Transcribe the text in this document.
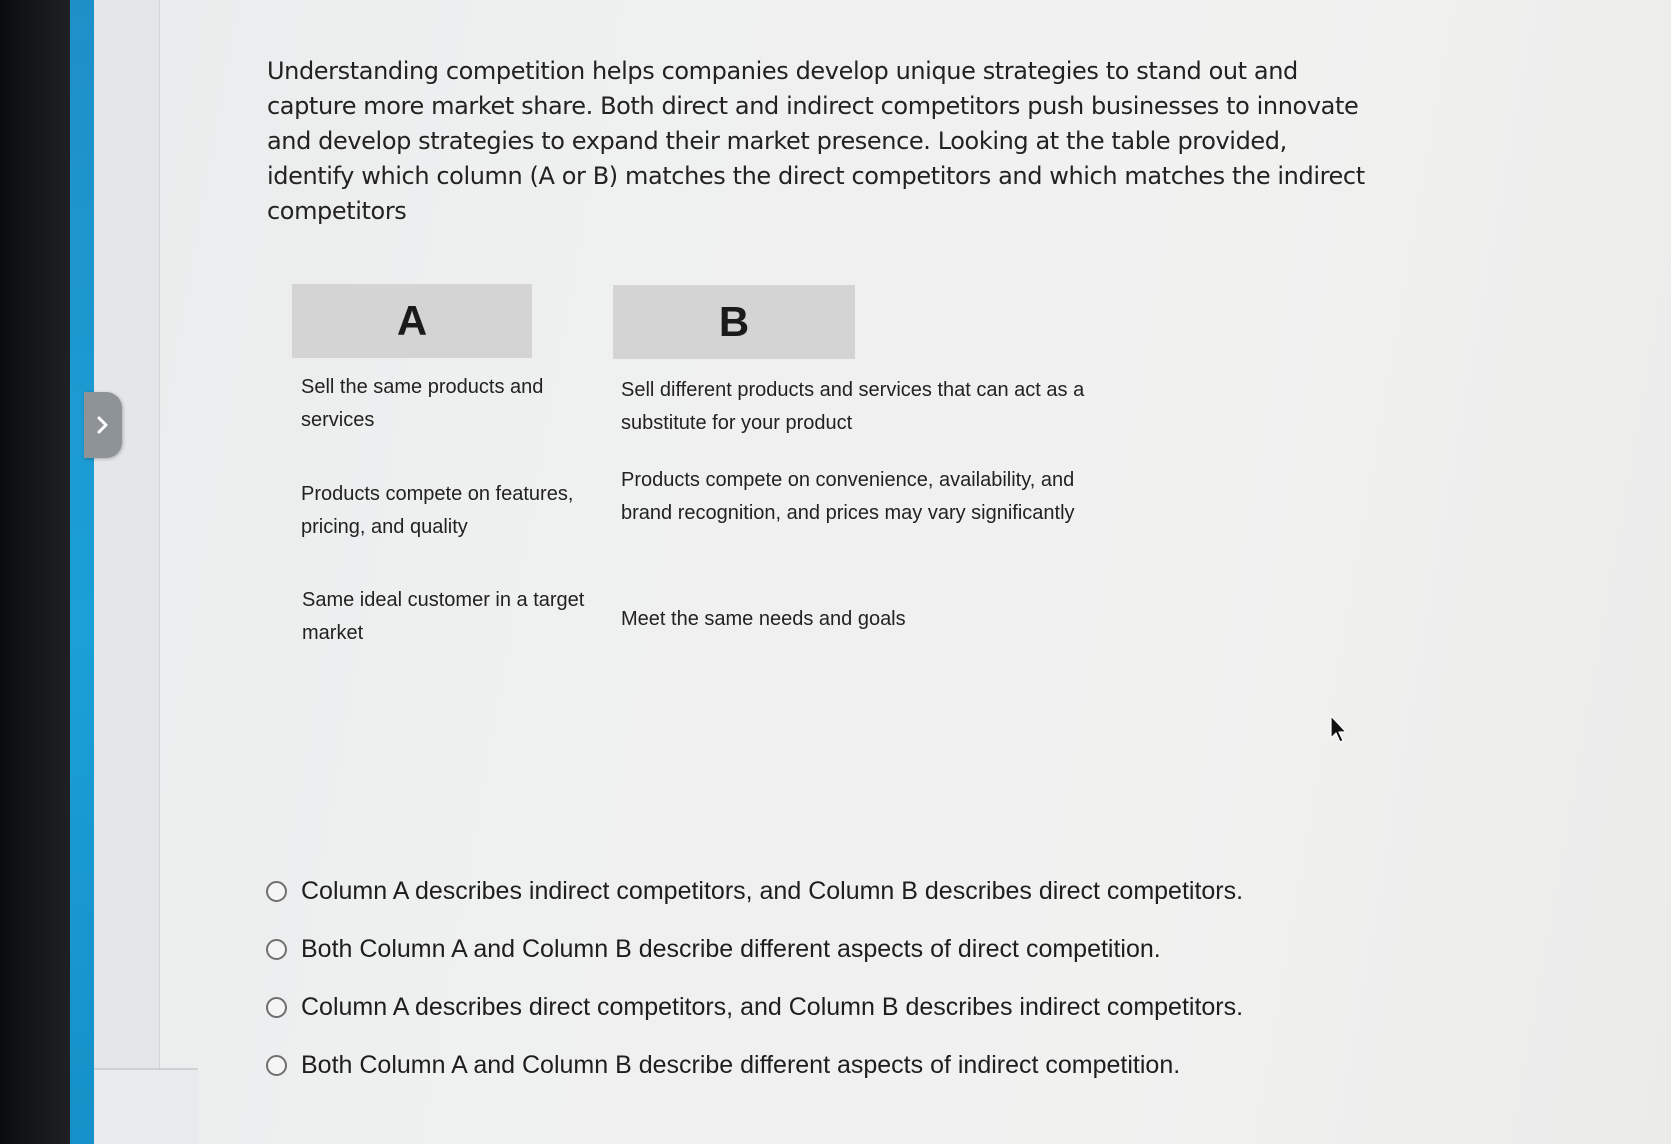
Understanding competition helps companies develop unique strategies to stand out and capture more market share. Both direct and indirect competitors push businesses to innovate and develop strategies to expand their market presence. Looking at the table provided, identify which column (A or B) matches the direct competitors and which matches the indirect competitors

A	B

Sell the same products and services

Products compete on features, pricing, and quality

Same ideal customer in a target market

Sell different products and services that can act as a substitute for your product

Products compete on convenience, availability, and brand recognition, and prices may vary significantly

Meet the same needs and goals

Column A describes indirect competitors, and Column B describes direct competitors.
Both Column A and Column B describe different aspects of direct competition.
Column A describes direct competitors, and Column B describes indirect competitors.
Both Column A and Column B describe different aspects of indirect competition.
